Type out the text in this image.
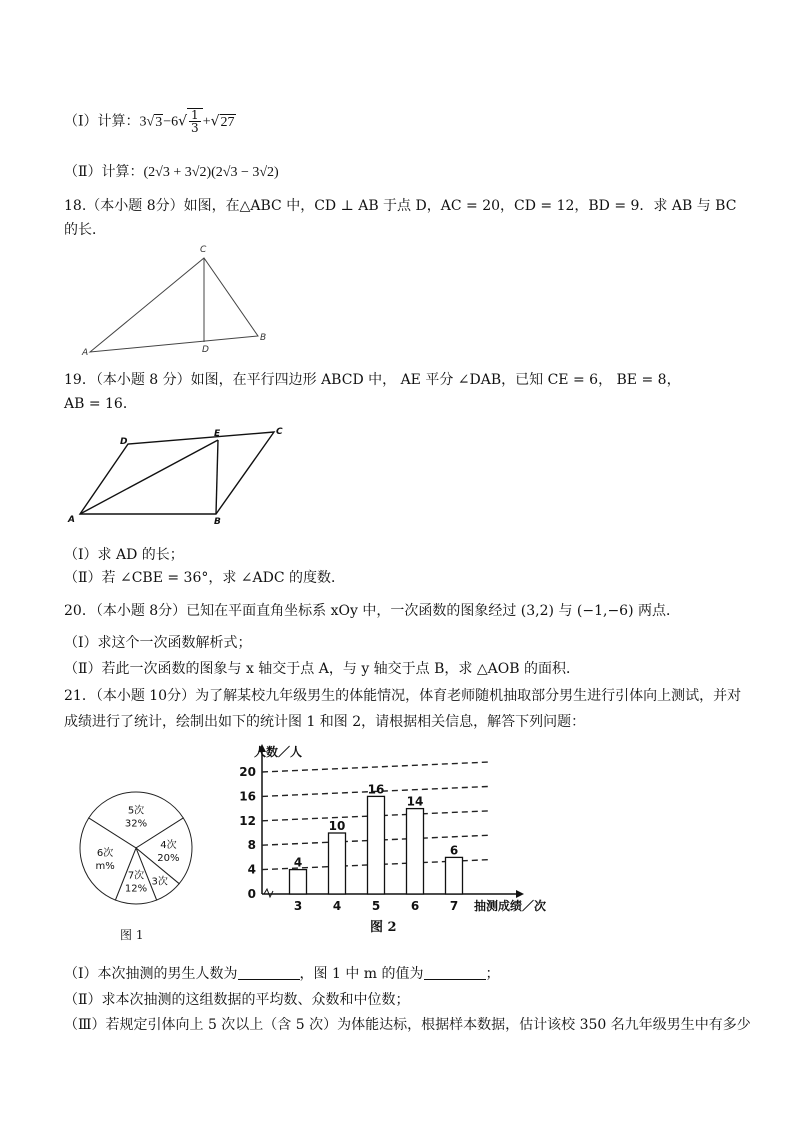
（Ⅰ）计算：$3√3-6√ \frac{1}{3} +√27$
（Ⅱ）计算：(2√3 + 3√2)(2√3 − 3√2)
18.（本小题 8分）如图，在△ABC 中，CD ⊥ AB 于点 D，AC = 20，CD = 12，BD = 9．求 AB 与 BC
的长．
A
C
D
B
19．（本小题 8 分）如图，在平行四边形 ABCD 中， AE 平分 ∠DAB，已知 CE = 6， BE = 8，
AB = 16．
A	B
C
D
E
（Ⅰ）求 AD 的长；
（Ⅱ）若 ∠CBE = 36°，求 ∠ADC 的度数．
20．（本小题 8分）已知在平面直角坐标系 xOy 中，一次函数的图象经过 (3,2) 与 (−1,−6) 两点．
（Ⅰ）求这个一次函数解析式；
（Ⅱ）若此一次函数的图象与 x 轴交于点 A，与 y 轴交于点 B，求 △AOB 的面积．
21．（本小题 10分）为了解某校九年级男生的体能情况，体育老师随机抽取部分男生进行引体向上测试，并对
成绩进行了统计，绘制出如下的统计图 1 和图 2，请根据相关信息，解答下列问题：
5次
32%
4次
20%
3次
7次
12%
6次
m%
图 1
0
4
8
12
16
20
4
3
10
4
16
5
14
6
6
7
人数／人
抽测成绩／次
图 2
（Ⅰ）本次抽测的男生人数为	，图 1 中 m 的值为	；
（Ⅱ）求本次抽测的这组数据的平均数、众数和中位数；
（Ⅲ）若规定引体向上 5 次以上（含 5 次）为体能达标，根据样本数据，估计该校 350 名九年级男生中有多少
